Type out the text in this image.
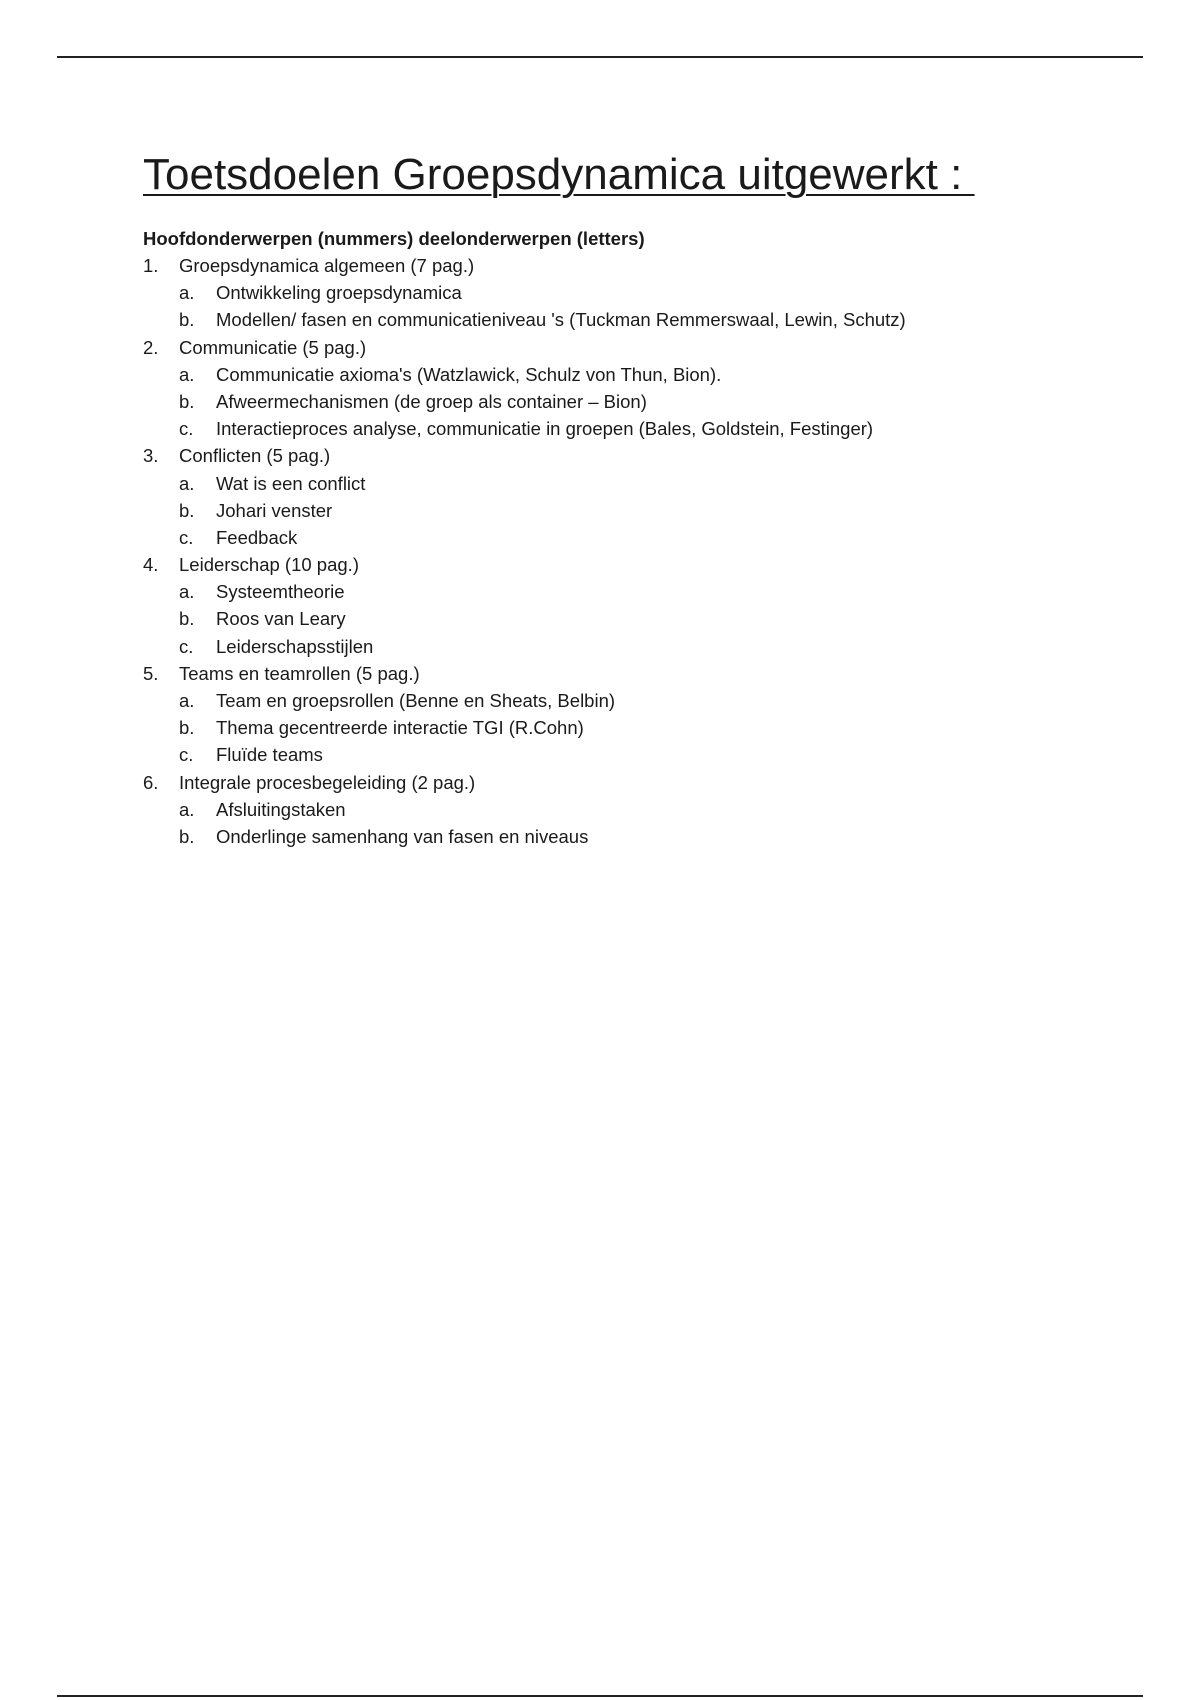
Toetsdoelen Groepsdynamica uitgewerkt :
Hoofdonderwerpen (nummers) deelonderwerpen (letters)
1. Groepsdynamica algemeen (7 pag.)
a. Ontwikkeling groepsdynamica
b. Modellen/ fasen en communicatieniveau 's (Tuckman Remmerswaal, Lewin, Schutz)
2. Communicatie (5 pag.)
a. Communicatie axioma's (Watzlawick, Schulz von Thun, Bion).
b. Afweermechanismen (de groep als container – Bion)
c. Interactieproces analyse, communicatie in groepen (Bales, Goldstein, Festinger)
3. Conflicten (5 pag.)
a. Wat is een conflict
b. Johari venster
c. Feedback
4. Leiderschap (10 pag.)
a. Systeemtheorie
b. Roos van Leary
c. Leiderschapsstijlen
5. Teams en teamrollen (5 pag.)
a. Team en groepsrollen (Benne en Sheats, Belbin)
b. Thema gecentreerde interactie TGI (R.Cohn)
c. Fluïde teams
6. Integrale procesbegeleiding (2 pag.)
a. Afsluitingstaken
b. Onderlinge samenhang van fasen en niveaus
